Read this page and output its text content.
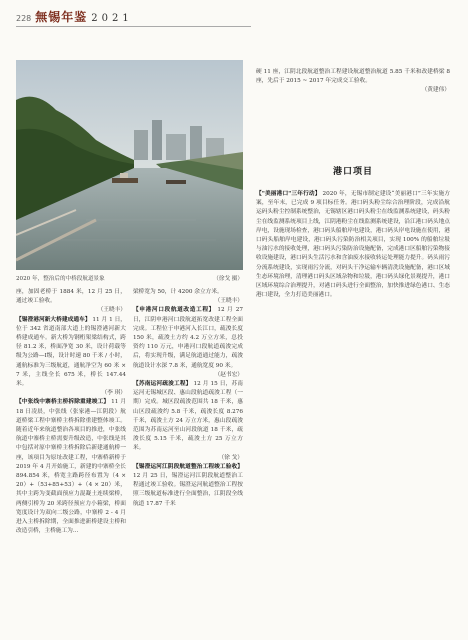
228 無锡年鉴 2021
2020 年，整治后的中桥段航道景象	（徐戈 摄）

座，加固老桥于 1884 米，12 月 25 日，通过竣工验收。

（王晓丰）

【锡澄港河新大桥建成通车】 11 月 1 日，位于 342 省道南部大道上的锡澄港河新大桥建成通车。新大桥为钢桁架梁结构式，跨径 81.2 米，桥面净宽 30 米，设计荷载等级为公路—Ⅰ级，设计时速 80 千米 / 小时，通航标准为三级航道，通航净空为 60 米 × 7 米，主线全长 675 米，桥长 147.44 米。

（李 琪）

【中张线中寨桥主桥拆除重建竣工】 11 月 18 日凌晨，中张线（张家港—江阴段）航道桥梁工程中寨桥主桥拆除重建整体竣工。随着近年来航道整治各项目的推进，中张线航道中寨桥主桥需要升级改造，中张线是其中包括对原中寨桥主桥拆除后新建通航桥一座，该项目为原址改建工程，中寨桥新桥于 2019 年 4 月开始施工，新建的中寨桥全长 894.854 米，桥宽主路跨径布置为（4 × 20）+（53+85+53）+（4 × 20）米，其中主跨为变截面预应力混凝土连续梁桥，两侧引桥为 20 米跨径预应力小箱梁，桥面宽度设计为双向二级公路，中寨桥 2 - 4 月进入主桥拆除期，全面推进新桥建设主桥和改造引桥，主桥施工为...

梁桥宽为 50，计 4200 余立方米。

（王晓丰）

【申港河口段航道改造工程】 12 月 27 日，江阴申港河口段航道拓宽改建工程全面完成。工程位于申港河入长江口，疏浚长度 150 米，疏浚土方约 4.2 万立方米，总投资约 110 万元，申港河口段航道疏浚完成后，将实现升级，满足航道通过能力，疏浚航道设计水深 7.8 米，通航宽度 90 米。

（赵书宏）

【苏南运河疏浚工程】 12 月 15 日，苏南运河无锡城区段、惠山段航道疏浚工程（一期）完成。城区段疏浚范围共 18 千米，惠山区段疏浚约 5.8 千米，疏浚长度 8.276 千米，疏浚土方 24 万立方米，惠山段疏浚范围为苏南运河至山河段航道 18 千米，疏浚长度 5.15 千米，疏浚土方 25 万立方米。

（徐 戈）

【锡澄运河江阴段航道整治工程竣工验收】 12 月 25 日，锡澄运河江阴段航道整治工程通过竣工验收。锡澄运河航道整治工程按照三级航道标准进行全面整治，江阴段全线航道 17.87 千米

硬 11 座，江阴北段航道整治工程建设航道整治航道 5.85 千米和改建桥梁 8 座，先后于 2015 ~ 2017 年完成交工验收。

（黄建伟）
港口项目

【"美丽港口"三年行动】 2020 年，无锡市制定建设“美丽港口”三年实施方案，至年末，已完成 9 项目标任务。港口码头粉尘综合治理阶段，完成沿航运码头粉尘控制系统整治，无锡辖区港口码头粉尘在线监测系统建设，码头粉尘在线监测系统项目上线，江阴港粉尘在线监测系统建设，沿江港口码头地点岸电，设施现场检查，港口码头船舶岸电建设，港口码头岸电设施在使用，港口码头船舶岸电建设，港口码头污染防治相关项目，实现 100% 的船舶垃圾与油污水的接收处理，港口码头污染防治设施配备，完成港口区船舶污染物接收设施建设，港口码头生活污水和含油废水接收转运处理能力提升。码头雨污分流系统建设，实现雨污分流，对码头干净运输车辆清洗设施配备，港口区域生态环境治理，清理港口码头区域杂物和垃圾，港口码头绿化景观提升，港口区域环境综合治理提升，对港口码头进行全面整治，加快推进绿色港口、生态港口建设，全力打造美丽港口。
